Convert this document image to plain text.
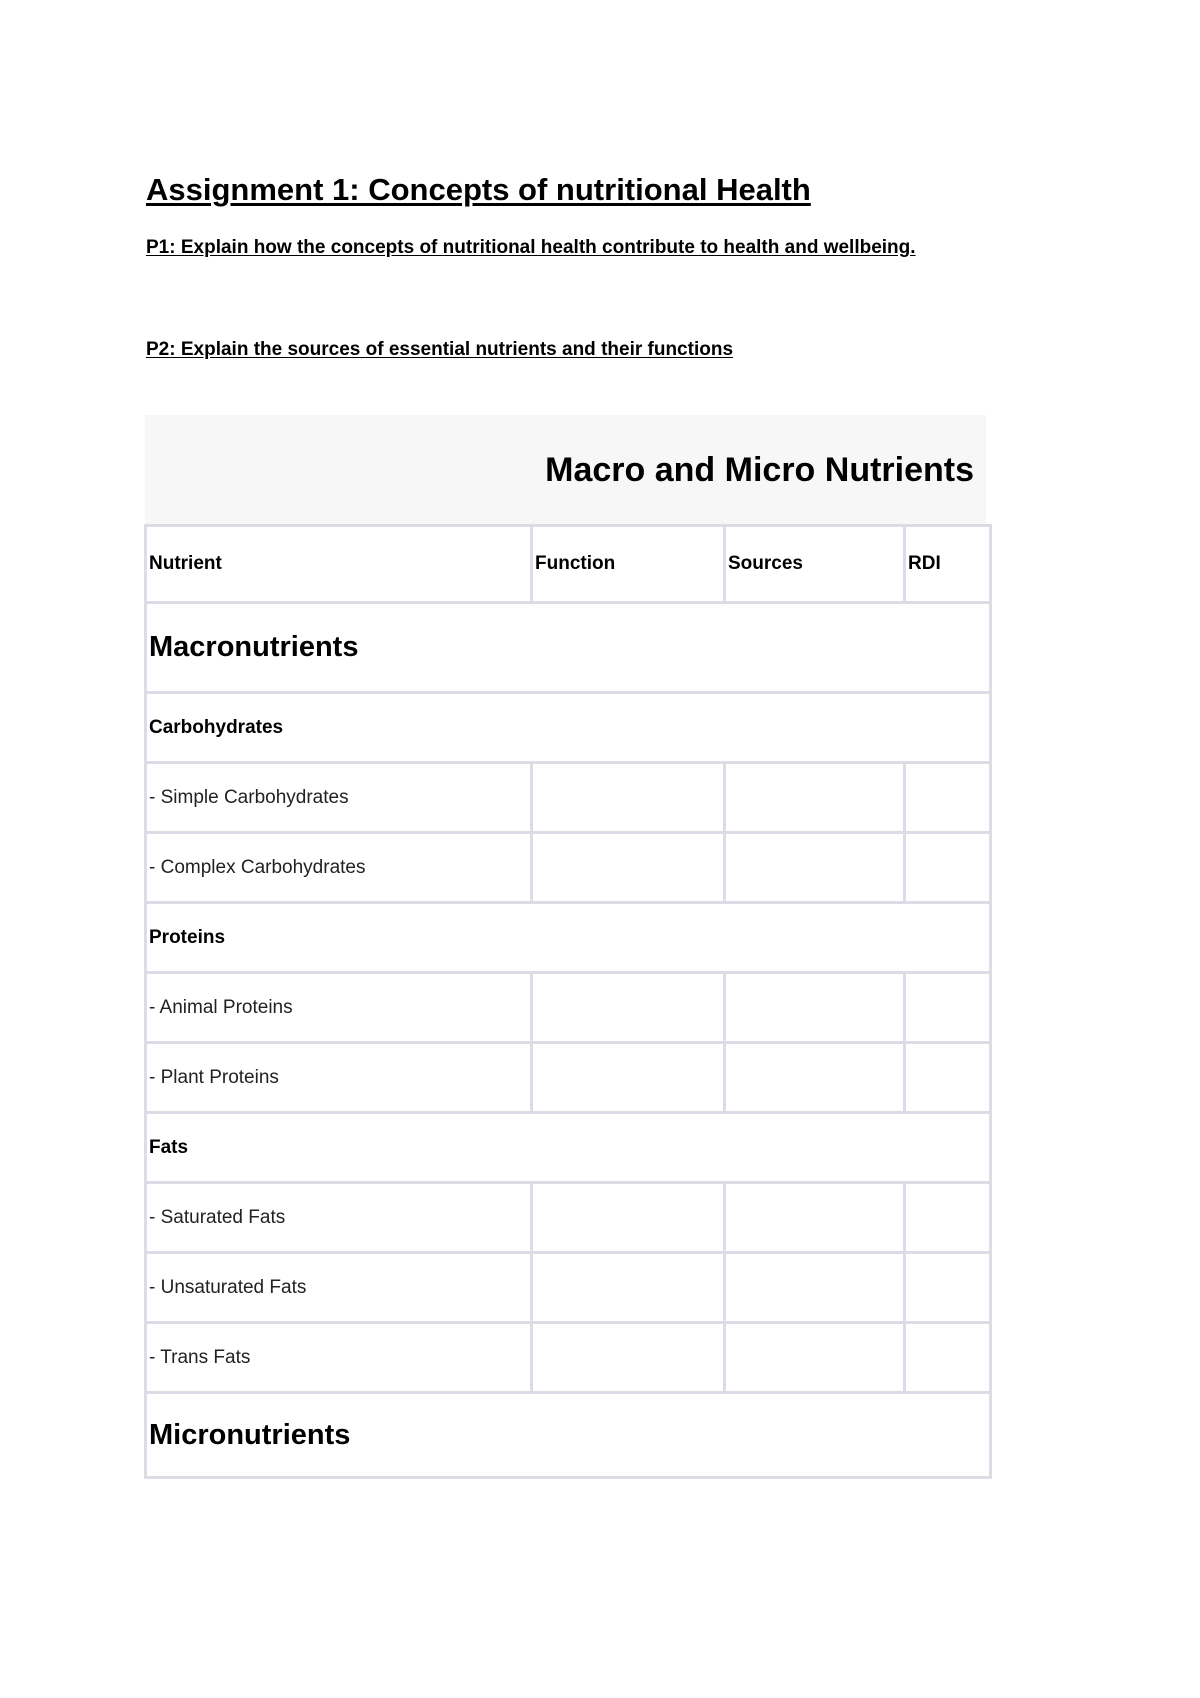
Assignment 1: Concepts of nutritional Health

P1: Explain how the concepts of nutritional health contribute to health and wellbeing.

P2: Explain the sources of essential nutrients and their functions

Macro and Micro Nutrients
Nutrient	Function	Sources	RDI
Macronutrients			
Carbohydrates			
- Simple Carbohydrates			
- Complex Carbohydrates			
Proteins			
- Animal Proteins			
- Plant Proteins			
Fats			
- Saturated Fats			
- Unsaturated Fats			
- Trans Fats			
Micronutrients			
